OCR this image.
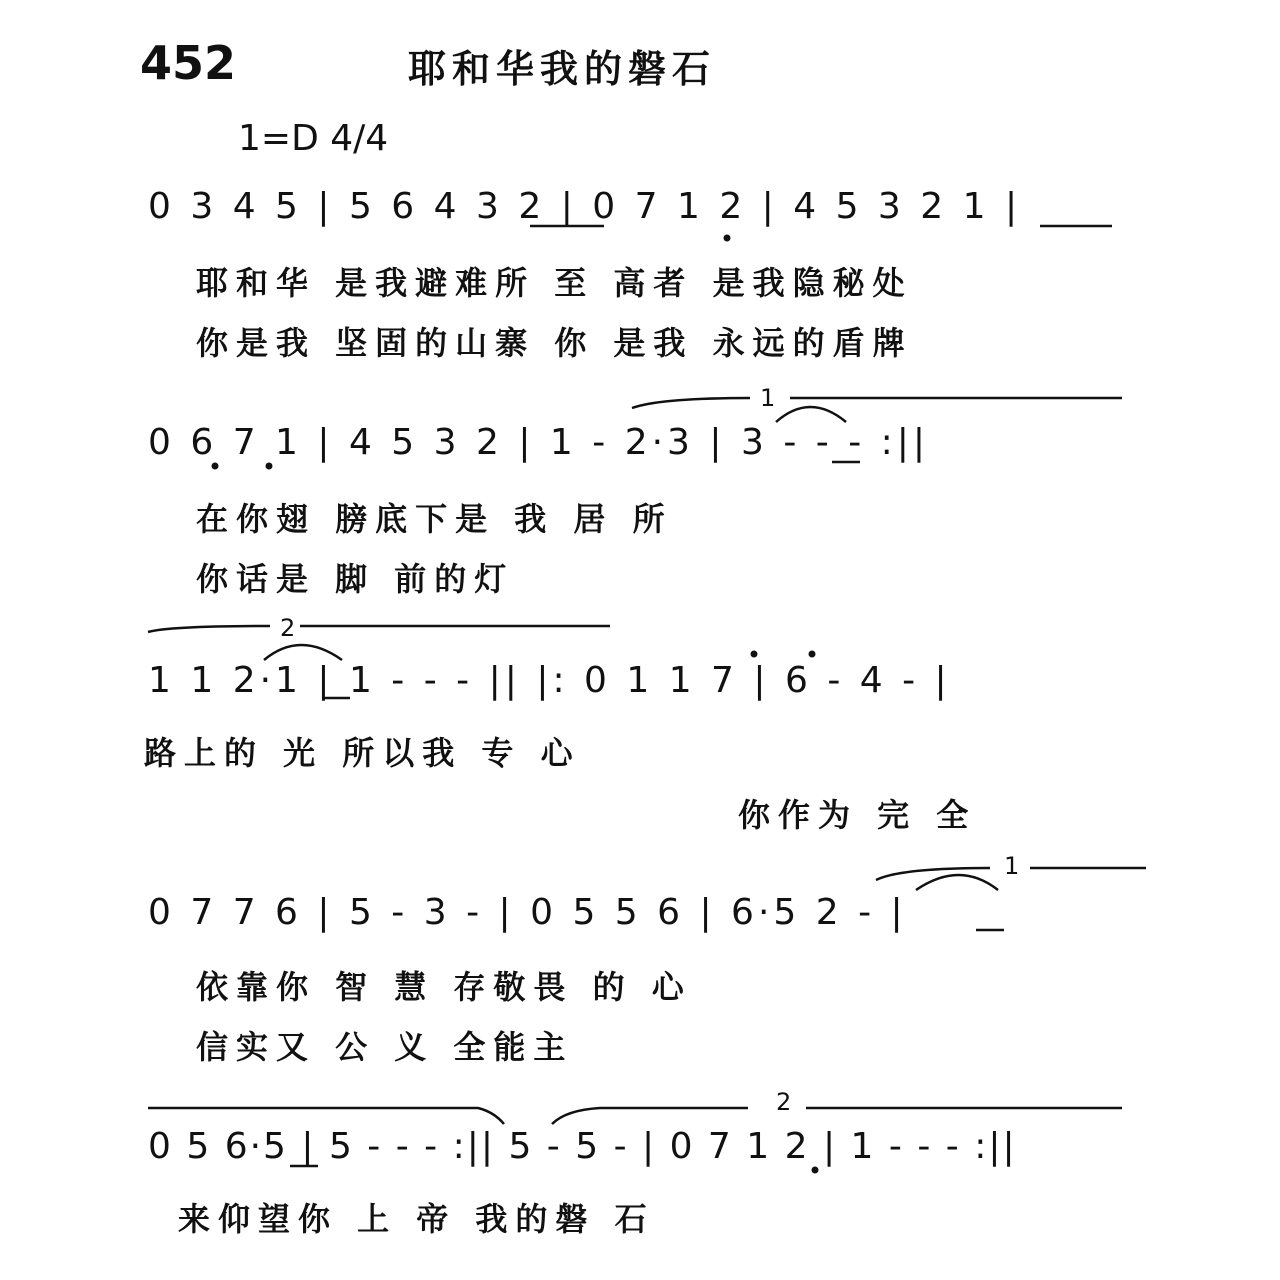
452	耶和华我的磐石
1=D 4/4
0 3 4 5 | 5 6 4 3 2 | 0 7 1 2 | 4 5 3 2 1 |
耶和华 是我避难所 至 高者 是我隐秘处
你是我 坚固的山寨 你 是我 永远的盾牌
1
0 6 7 1 | 4 5 3 2 | 1 - 2·3 | 3 - - - :||
在你翅 膀底下是 我 居 所
你话是 脚 前的灯
2
1 1 2·1 | 1 - - - || |: 0 1 1 7 | 6 - 4 - |
路上的 光 所以我 专 心
你作为 完 全
1
0 7 7 6 | 5 - 3 - | 0 5 5 6 | 6·5 2 - |
依靠你 智 慧 存敬畏 的 心
信实又 公 义 全能主
2
0 5 6·5 | 5 - - - :|| 5 - 5 - | 0 7 1 2 | 1 - - - :||
来仰望你 上 帝 我的磐 石
